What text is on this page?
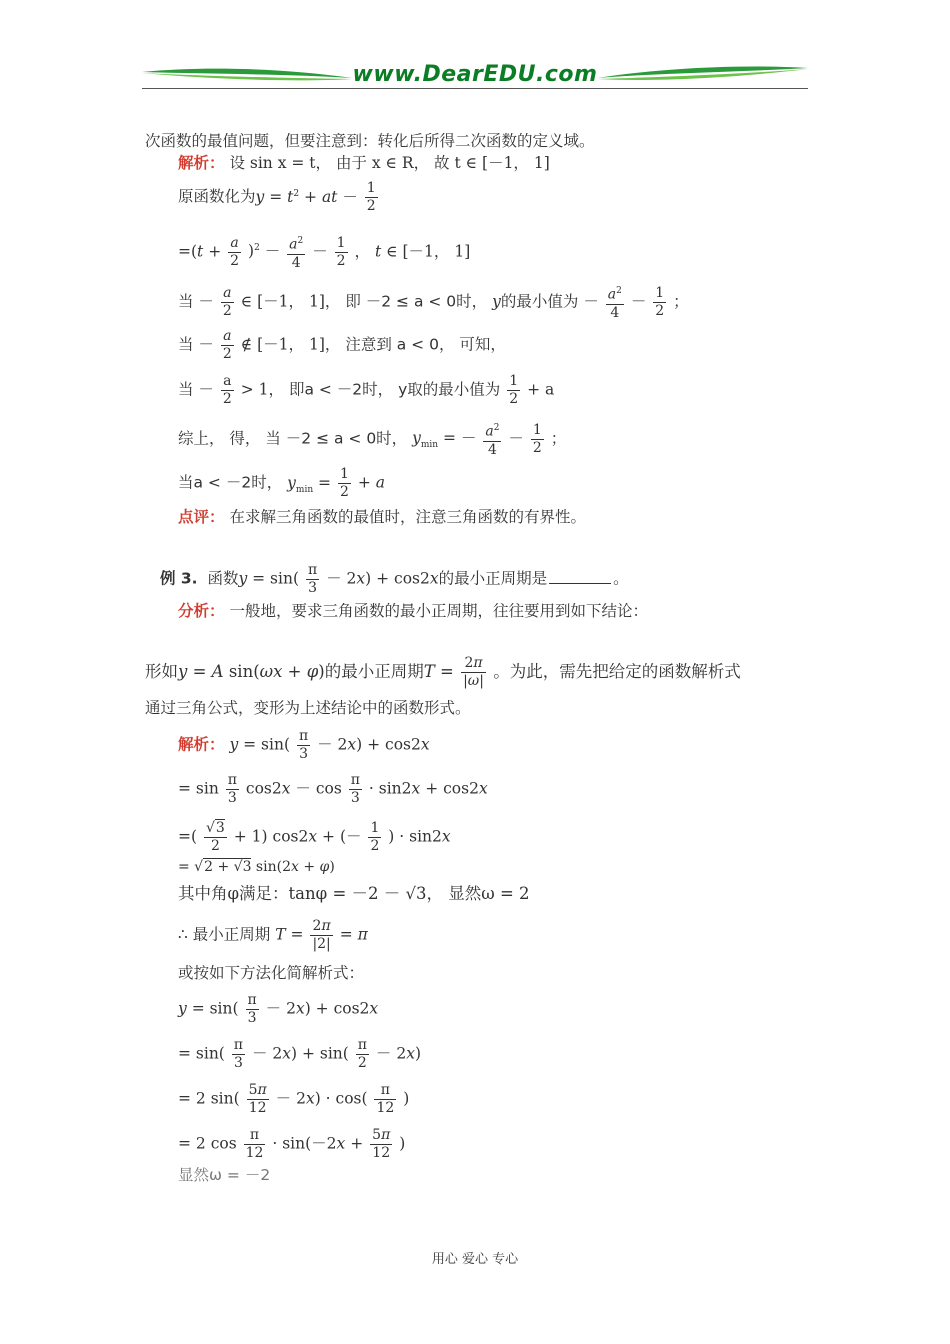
www.DearEDU.com
次函数的最值问题，但要注意到：转化后所得二次函数的定义域。
解析： 设 sin x = t， 由于 x ∈ R， 故 t ∈ [－1， 1]
原函数化为$y = t^2$ + at － $\frac{1}{2}$
$=(t + \frac{a}{2} )^2 - \frac{a^2}{4} - \frac{1}{2}$ ， t ∈ [－1， 1]
当 － $\frac{a}{2}$ ∈ [－1， 1]， 即 －2 ≤ a < 0时， y的最小值为 － $\frac{a^2}{4} - \frac{1}{2}$ ；
当 － $\frac{a}{2}$ ∉ [－1， 1]， 注意到 a < 0， 可知，
当 － $\frac{a}{2} > 1$， 即a < －2时， y取的最小值为 $\frac{1}{2} + a$
综上， 得， 当 －2 ≤ a < 0时， $y_{min}$ = － $\frac{a^2}{4} - \frac{1}{2}$ ；
当a < －2时， $y_{min} = \frac{1}{2} + a$
点评： 在求解三角函数的最值时，注意三角函数的有界性。
例 3. 函数$y = \sin( \frac{\pi}{3} - 2x) + \cos 2x$的最小正周期是	。
分析： 一般地，要求三角函数的最小正周期，往往要用到如下结论：
形如y = A sin(ωx + φ)的最小正周期$T = \frac{2\pi}{|\omega|}$ 。为此，需先把给定的函数解析式
通过三角公式，变形为上述结论中的函数形式。
解析： $y = \sin( \frac{\pi}{3} - 2x) + \cos 2x$
= $\sin \frac{\pi}{3} \cos 2x - \cos \frac{\pi}{3} \cdot \sin 2x + \cos 2x$
=( $\frac{√3}{2} + 1$) cos2x + (－ $\frac{1}{2}$ ) · sin2x
= √2 + √3 sin(2x + φ)
其中角φ满足：tanφ = －2 － √3， 显然ω = 2
∴ 最小正周期 $T = \frac{2\pi}{|2|} = \pi$
或按如下方法化简解析式：
$y = \sin( \frac{\pi}{3} - 2x) + \cos 2x$
= $\sin( \frac{\pi}{3} - 2x) + \sin( \frac{\pi}{2} - 2x)$
= 2 $\sin( \frac{5\pi}{12} - 2x) \cdot \cos( \frac{\pi}{12}$ )
= 2 $\cos \frac{\pi}{12} \cdot \sin(-2x + \frac{5\pi}{12}$ )
显然ω = －2
用心 爱心 专心
